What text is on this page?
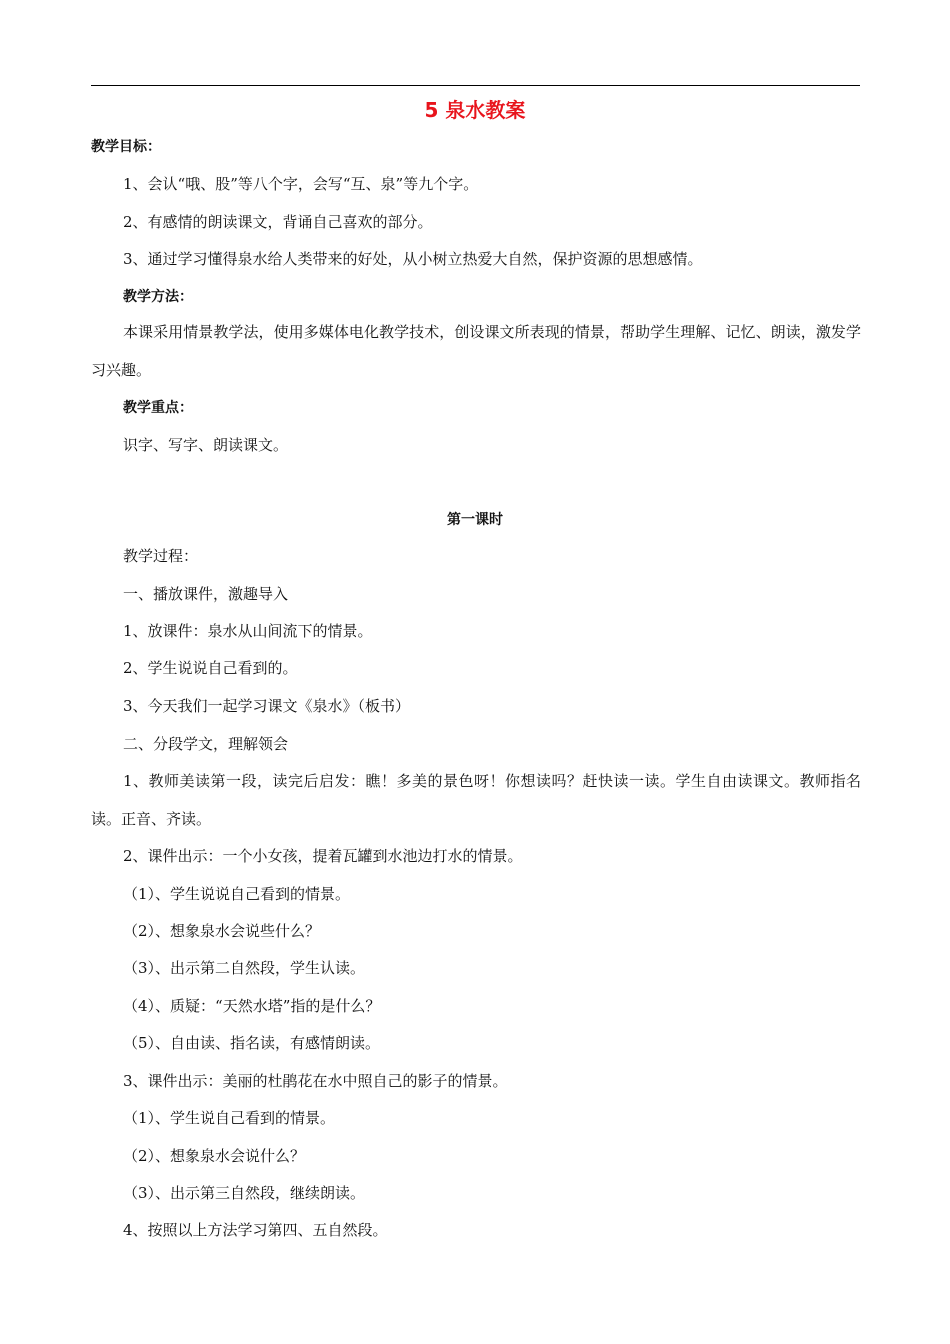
5 泉水教案
教学目标：
1、会认“哦、股”等八个字，会写“互、泉”等九个字。
2、有感情的朗读课文，背诵自己喜欢的部分。
3、通过学习懂得泉水给人类带来的好处，从小树立热爱大自然，保护资源的思想感情。
教学方法：
本课采用情景教学法，使用多媒体电化教学技术，创设课文所表现的情景，帮助学生理解、记忆、朗读，激发学习兴趣。
教学重点：
识字、写字、朗读课文。
第一课时
教学过程：
一、播放课件，激趣导入
1、放课件：泉水从山间流下的情景。
2、学生说说自己看到的。
3、今天我们一起学习课文《泉水》（板书）
二、分段学文，理解领会
1、教师美读第一段，读完后启发：瞧！多美的景色呀！你想读吗？赶快读一读。学生自由读课文。教师指名读。正音、齐读。
2、课件出示：一个小女孩，提着瓦罐到水池边打水的情景。
（1）、学生说说自己看到的情景。
（2）、想象泉水会说些什么？
（3）、出示第二自然段，学生认读。
（4）、质疑：“天然水塔”指的是什么？
（5）、自由读、指名读，有感情朗读。
3、课件出示：美丽的杜鹃花在水中照自己的影子的情景。
（1）、学生说自己看到的情景。
（2）、想象泉水会说什么？
（3）、出示第三自然段，继续朗读。
4、按照以上方法学习第四、五自然段。
